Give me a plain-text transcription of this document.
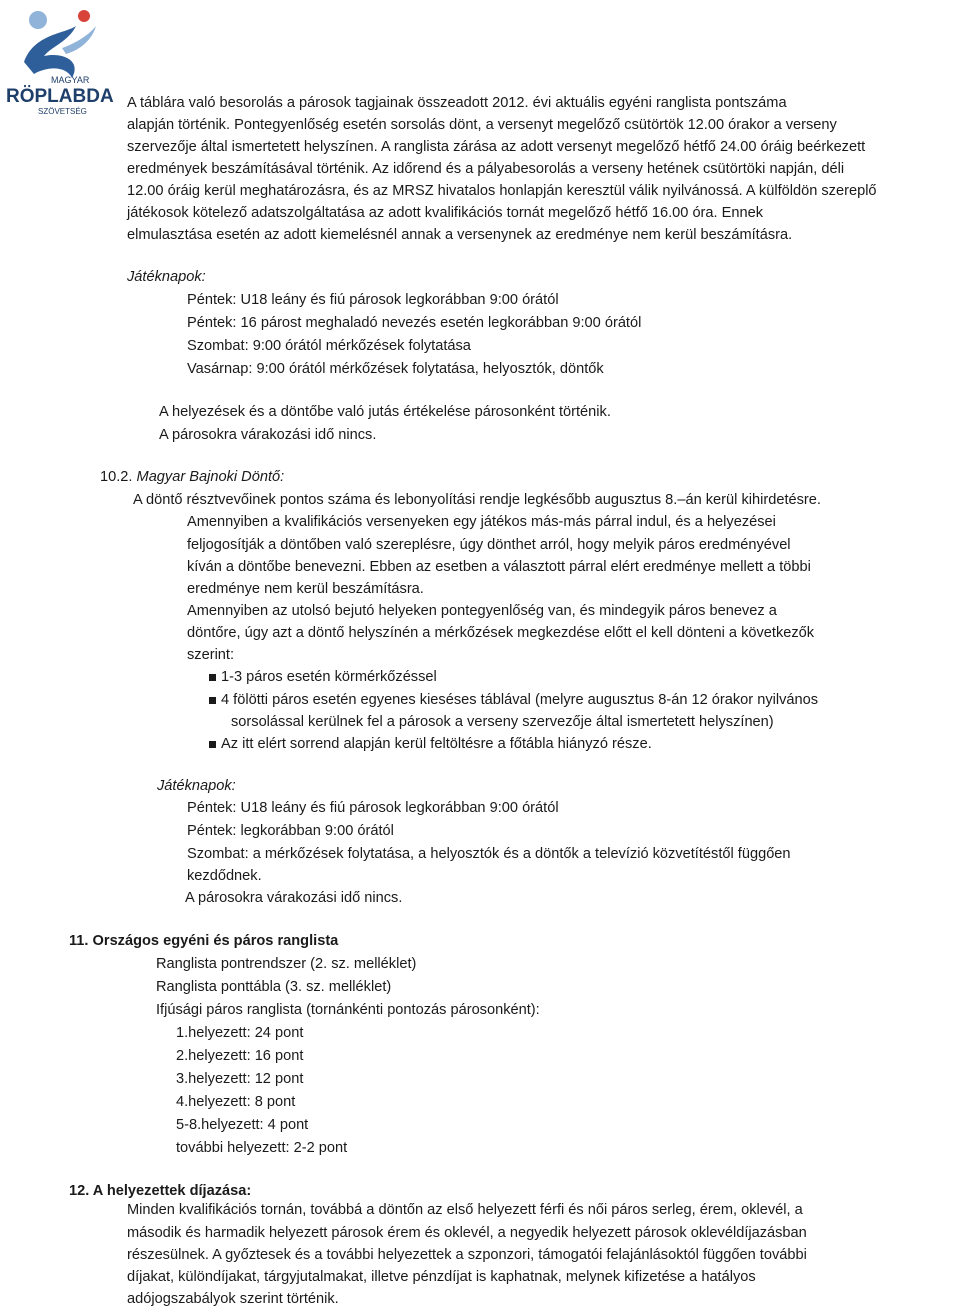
MAGYAR
RÖPLABDA
SZÖVETSÉG
A táblára való besorolás a párosok tagjainak összeadott 2012. évi aktuális egyéni ranglista pontszáma
alapján történik. Pontegyenlőség esetén sorsolás dönt, a versenyt megelőző csütörtök 12.00 órakor a verseny
szervezője által ismertetett helyszínen. A ranglista zárása az adott versenyt megelőző hétfő 24.00 óráig beérkezett
eredmények beszámításával történik. Az időrend és a pályabesorolás a verseny hetének csütörtöki napján, déli
12.00 óráig kerül meghatározásra, és az MRSZ hivatalos honlapján keresztül válik nyilvánossá. A külföldön szereplő
játékosok kötelező adatszolgáltatása az adott kvalifikációs tornát megelőző hétfő 16.00 óra. Ennek
elmulasztása esetén az adott kiemelésnél annak a versenynek az eredménye nem kerül beszámításra.
Játéknapok:
Péntek: U18 leány és fiú párosok legkorábban 9:00 órától
Péntek: 16 párost meghaladó nevezés esetén legkorábban 9:00 órától
Szombat: 9:00 órától mérkőzések folytatása
Vasárnap: 9:00 órától mérkőzések folytatása, helyosztók, döntők
A helyezések és a döntőbe való jutás értékelése párosonként történik.
A párosokra várakozási idő nincs.
10.2. Magyar Bajnoki Döntő:
A döntő résztvevőinek pontos száma és lebonyolítási rendje legkésőbb augusztus 8.–án kerül kihirdetésre.
Amennyiben a kvalifikációs versenyeken egy játékos más-más párral indul, és a helyezései
feljogosítják a döntőben való szereplésre, úgy dönthet arról, hogy melyik páros eredményével
kíván a döntőbe benevezni. Ebben az esetben a választott párral elért eredménye mellett a többi
eredménye nem kerül beszámításra.
Amennyiben az utolsó bejutó helyeken pontegyenlőség van, és mindegyik páros benevez a
döntőre, úgy azt a döntő helyszínén a mérkőzések megkezdése előtt el kell dönteni a következők
szerint:
1-3 páros esetén körmérkőzéssel
4 fölötti páros esetén egyenes kieséses táblával (melyre augusztus 8-án 12 órakor nyilvános
sorsolással kerülnek fel a párosok a verseny szervezője által ismertetett helyszínen)
Az itt elért sorrend alapján kerül feltöltésre a főtábla hiányzó része.
Játéknapok:
Péntek: U18 leány és fiú párosok legkorábban 9:00 órától
Péntek: legkorábban 9:00 órától
Szombat: a mérkőzések folytatása, a helyosztók és a döntők a televízió közvetítéstől függően
kezdődnek.
A párosokra várakozási idő nincs.
11. Országos egyéni és páros ranglista
Ranglista pontrendszer (2. sz. melléklet)
Ranglista ponttábla (3. sz. melléklet)
Ifjúsági páros ranglista (tornánkénti pontozás párosonként):
1.helyezett: 24 pont
2.helyezett: 16 pont
3.helyezett: 12 pont
4.helyezett: 8 pont
5-8.helyezett: 4 pont
további helyezett: 2-2 pont
12. A helyezettek díjazása:
Minden kvalifikációs tornán, továbbá a döntőn az első helyezett férfi és női páros serleg, érem, oklevél, a
második és harmadik helyezett párosok érem és oklevél, a negyedik helyezett párosok oklevéldíjazásban
részesülnek. A győztesek és a további helyezettek a szponzori, támogatói felajánlásoktól függően további
díjakat, különdíjakat, tárgyjutalmakat, illetve pénzdíjat is kaphatnak, melynek kifizetése a hatályos
adójogszabályok szerint történik.
